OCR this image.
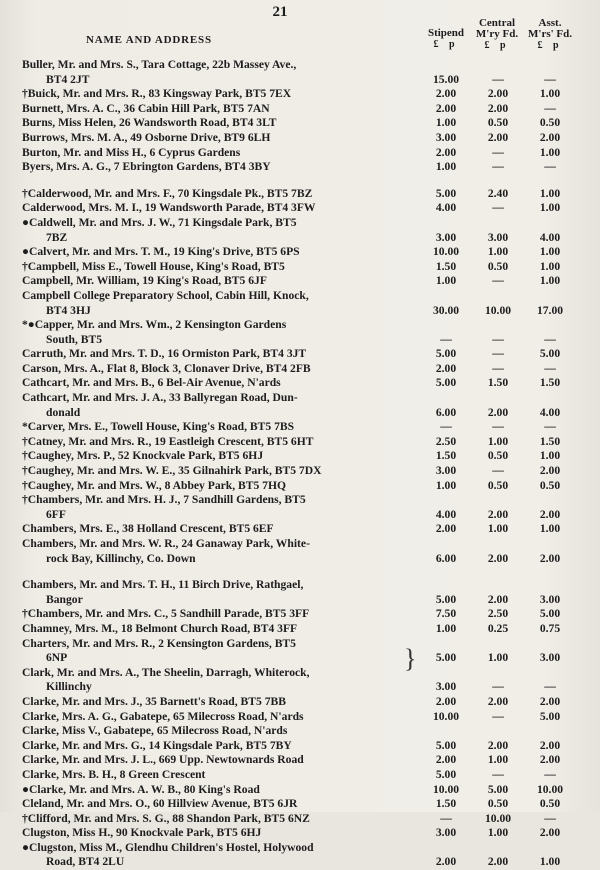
21
NAME AND ADDRESS
Stipend
£ p
Central
M'ry Fd.
£ p
Asst.
M'rs' Fd.
£ p
Buller, Mr. and Mrs. S., Tara Cottage, 22b Massey Ave.,
BT4 2JT	15.00	—	—
†Buick, Mr. and Mrs. R., 83 Kingsway Park, BT5 7EX	2.00	2.00	1.00
Burnett, Mrs. A. C., 36 Cabin Hill Park, BT5 7AN	2.00	2.00	—
Burns, Miss Helen, 26 Wandsworth Road, BT4 3LT	1.00	0.50	0.50
Burrows, Mrs. M. A., 49 Osborne Drive, BT9 6LH	3.00	2.00	2.00
Burton, Mr. and Miss H., 6 Cyprus Gardens	2.00	—	1.00
Byers, Mrs. A. G., 7 Ebrington Gardens, BT4 3BY	1.00	—	—
†Calderwood, Mr. and Mrs. F., 70 Kingsdale Pk., BT5 7BZ	5.00	2.40	1.00
Calderwood, Mrs. M. I., 19 Wandsworth Parade, BT4 3FW	4.00	—	1.00
●Caldwell, Mr. and Mrs. J. W., 71 Kingsdale Park, BT5
7BZ	3.00	3.00	4.00
●Calvert, Mr. and Mrs. T. M., 19 King's Drive, BT5 6PS	10.00	1.00	1.00
†Campbell, Miss E., Towell House, King's Road, BT5	1.50	0.50	1.00
Campbell, Mr. William, 19 King's Road, BT5 6JF	1.00	—	1.00
Campbell College Preparatory School, Cabin Hill, Knock,
BT4 3HJ	30.00	10.00	17.00
*●Capper, Mr. and Mrs. Wm., 2 Kensington Gardens
South, BT5	—	—	—
Carruth, Mr. and Mrs. T. D., 16 Ormiston Park, BT4 3JT	5.00	—	5.00
Carson, Mrs. A., Flat 8, Block 3, Clonaver Drive, BT4 2FB	2.00	—	—
Cathcart, Mr. and Mrs. B., 6 Bel-Air Avenue, N'ards	5.00	1.50	1.50
Cathcart, Mr. and Mrs. J. A., 33 Ballyregan Road, Dun-
donald	6.00	2.00	4.00
*Carver, Mrs. E., Towell House, King's Road, BT5 7BS	—	—	—
†Catney, Mr. and Mrs. R., 19 Eastleigh Crescent, BT5 6HT	2.50	1.00	1.50
†Caughey, Mrs. P., 52 Knockvale Park, BT5 6HJ	1.50	0.50	1.00
†Caughey, Mr. and Mrs. W. E., 35 Gilnahirk Park, BT5 7DX	3.00	—	2.00
†Caughey, Mr. and Mrs. W., 8 Abbey Park, BT5 7HQ	1.00	0.50	0.50
†Chambers, Mr. and Mrs. H. J., 7 Sandhill Gardens, BT5
6FF	4.00	2.00	2.00
Chambers, Mrs. E., 38 Holland Crescent, BT5 6EF	2.00	1.00	1.00
Chambers, Mr. and Mrs. W. R., 24 Ganaway Park, White-
rock Bay, Killinchy, Co. Down	6.00	2.00	2.00
Chambers, Mr. and Mrs. T. H., 11 Birch Drive, Rathgael,
Bangor	5.00	2.00	3.00
†Chambers, Mr. and Mrs. C., 5 Sandhill Parade, BT5 3FF	7.50	2.50	5.00
Chamney, Mrs. M., 18 Belmont Church Road, BT4 3FF	1.00	0.25	0.75
Charters, Mr. and Mrs. R., 2 Kensington Gardens, BT5
6NP	5.00	1.00	3.00
Clark, Mr. and Mrs. A., The Sheelin, Darragh, Whiterock,
Killinchy	3.00	—	—
Clarke, Mr. and Mrs. J., 35 Barnett's Road, BT5 7BB	2.00	2.00	2.00
Clarke, Mrs. A. G., Gabatepe, 65 Milecross Road, N'ards	10.00	—	5.00
Clarke, Miss V., Gabatepe, 65 Milecross Road, N'ards
Clarke, Mr. and Mrs. G., 14 Kingsdale Park, BT5 7BY	5.00	2.00	2.00
Clarke, Mr. and Mrs. J. L., 669 Upp. Newtownards Road	2.00	1.00	2.00
Clarke, Mrs. B. H., 8 Green Crescent	5.00	—	—
●Clarke, Mr. and Mrs. A. W. B., 80 King's Road	10.00	5.00	10.00
Cleland, Mr. and Mrs. O., 60 Hillview Avenue, BT5 6JR	1.50	0.50	0.50
†Clifford, Mr. and Mrs. S. G., 88 Shandon Park, BT5 6NZ	—	10.00	—
Clugston, Miss H., 90 Knockvale Park, BT5 6HJ	3.00	1.00	2.00
●Clugston, Miss M., Glendhu Children's Hostel, Holywood
Road, BT4 2LU	2.00	2.00	1.00
}
